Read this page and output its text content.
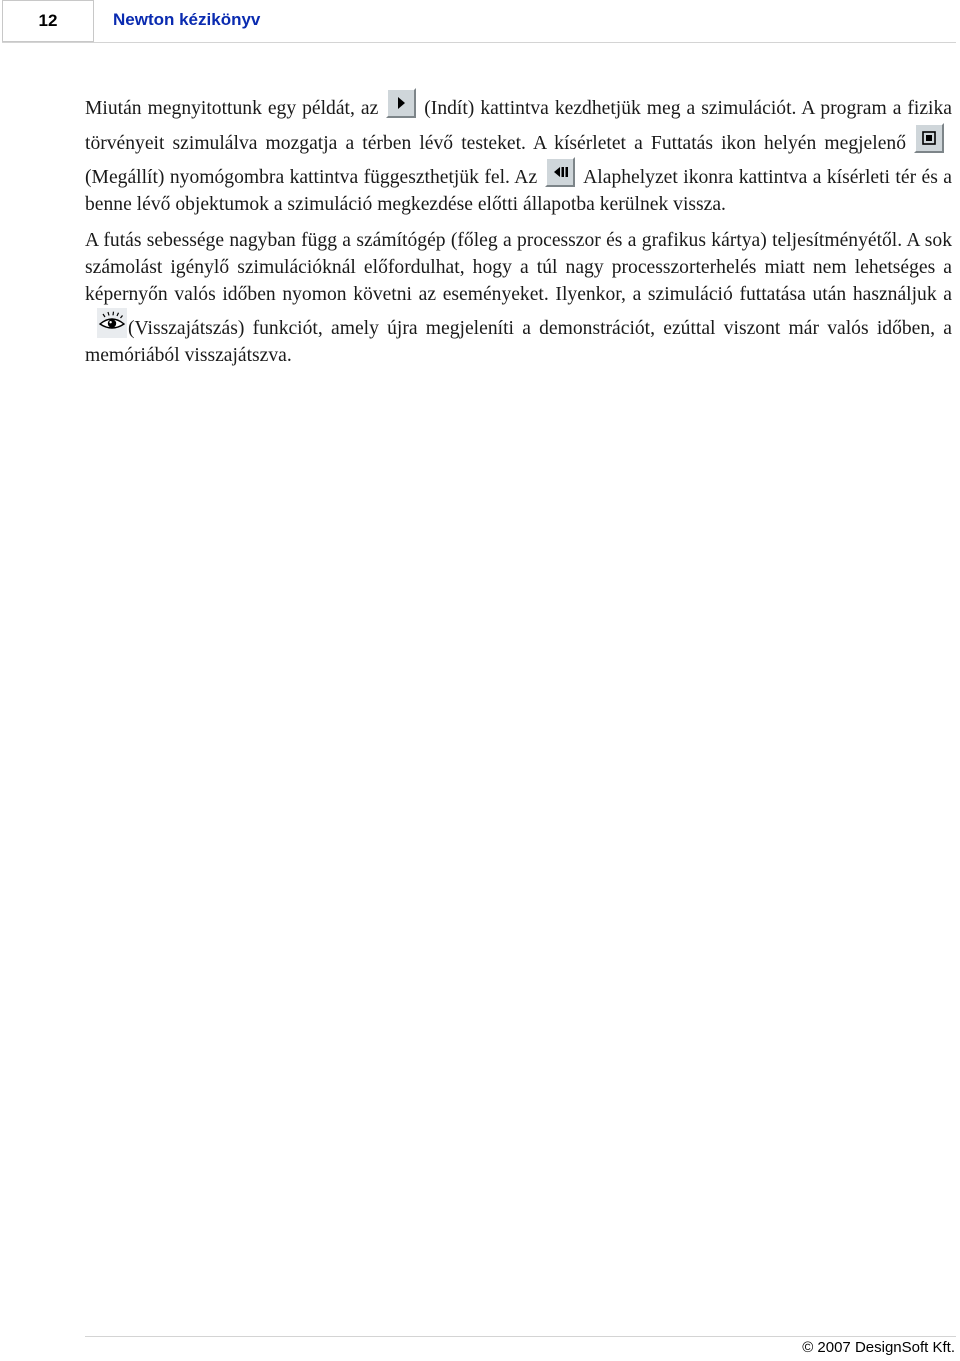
12	Newton kézikönyv

Miután megnyitottunk egy példát, az (Indít) kattintva kezdhetjük meg a szimulációt. A program a fizika törvényeit szimulálva mozgatja a térben lévő testeket. A kísérletet a Futtatás ikon helyén megjelenő
(Megállít) nyomógombra kattintva függeszthetjük fel. Az Alaphelyzet ikonra kattintva a kísérleti tér és a benne lévő objektumok a szimuláció megkezdése előtti állapotba kerülnek vissza.

A futás sebessége nagyban függ a számítógép (főleg a processzor és a grafikus kártya) teljesítményétől. A sok számolást igénylő szimulációknál előfordulhat, hogy a túl nagy processzorterhelés miatt nem lehetséges a képernyőn valós időben nyomon követni az eseményeket. Ilyenkor, a szimuláció futtatása után használjuk a
(Visszajátszás) funkciót, amely újra megjeleníti a demonstrációt, ezúttal viszont már valós időben, a memóriából visszajátszva.

© 2007 DesignSoft Kft.
